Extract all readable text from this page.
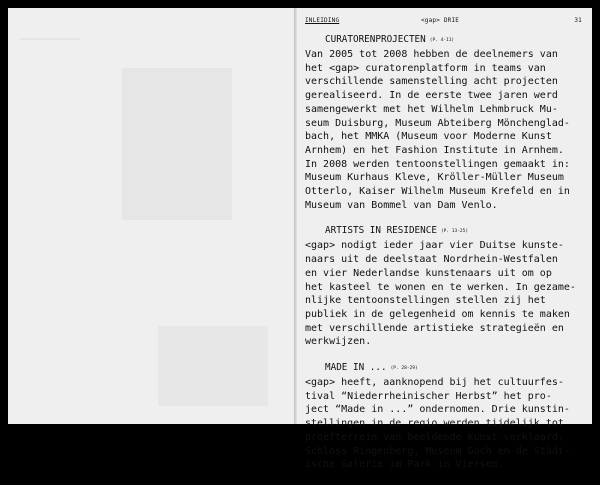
INLEIDING	<gap> DRIE	31
CURATORENPROJECTEN (P. 4-11)
Van 2005 tot 2008 hebben de deelnemers van
het <gap> curatorenplatform in teams van
verschillende samenstelling acht projecten
gerealiseerd. In de eerste twee jaren werd
samengewerkt met het Wilhelm Lehmbruck Mu-
seum Duisburg, Museum Abteiberg Mönchenglad-
bach, het MMKA (Museum voor Moderne Kunst
Arnhem) en het Fashion Institute in Arnhem.
In 2008 werden tentoonstellingen gemaakt in:
Museum Kurhaus Kleve, Kröller-Müller Museum
Otterlo, Kaiser Wilhelm Museum Krefeld en in
Museum van Bommel van Dam Venlo.
ARTISTS IN RESIDENCE (P. 13-25)
<gap> nodigt ieder jaar vier Duitse kunste-
naars uit de deelstaat Nordrhein-Westfalen
en vier Nederlandse kunstenaars uit om op
het kasteel te wonen en te werken. In gezame-
nlijke tentoonstellingen stellen zij het
publiek in de gelegenheid om kennis te maken
met verschillende artistieke strategieën en
werkwijzen.
MADE IN ... (P. 28-29)
<gap> heeft, aanknopend bij het cultuurfes-
tival “Niederrheinischer Herbst” het pro-
ject “Made in ...” ondernomen. Drie kunstin-
stellingen in de regio werden tijdelijk tot
proefterrein van beeldende kunst verklaard:
Schloss Ringenberg, Museum Goch en de Städt-
ische Galerie im Park in Viersen.
